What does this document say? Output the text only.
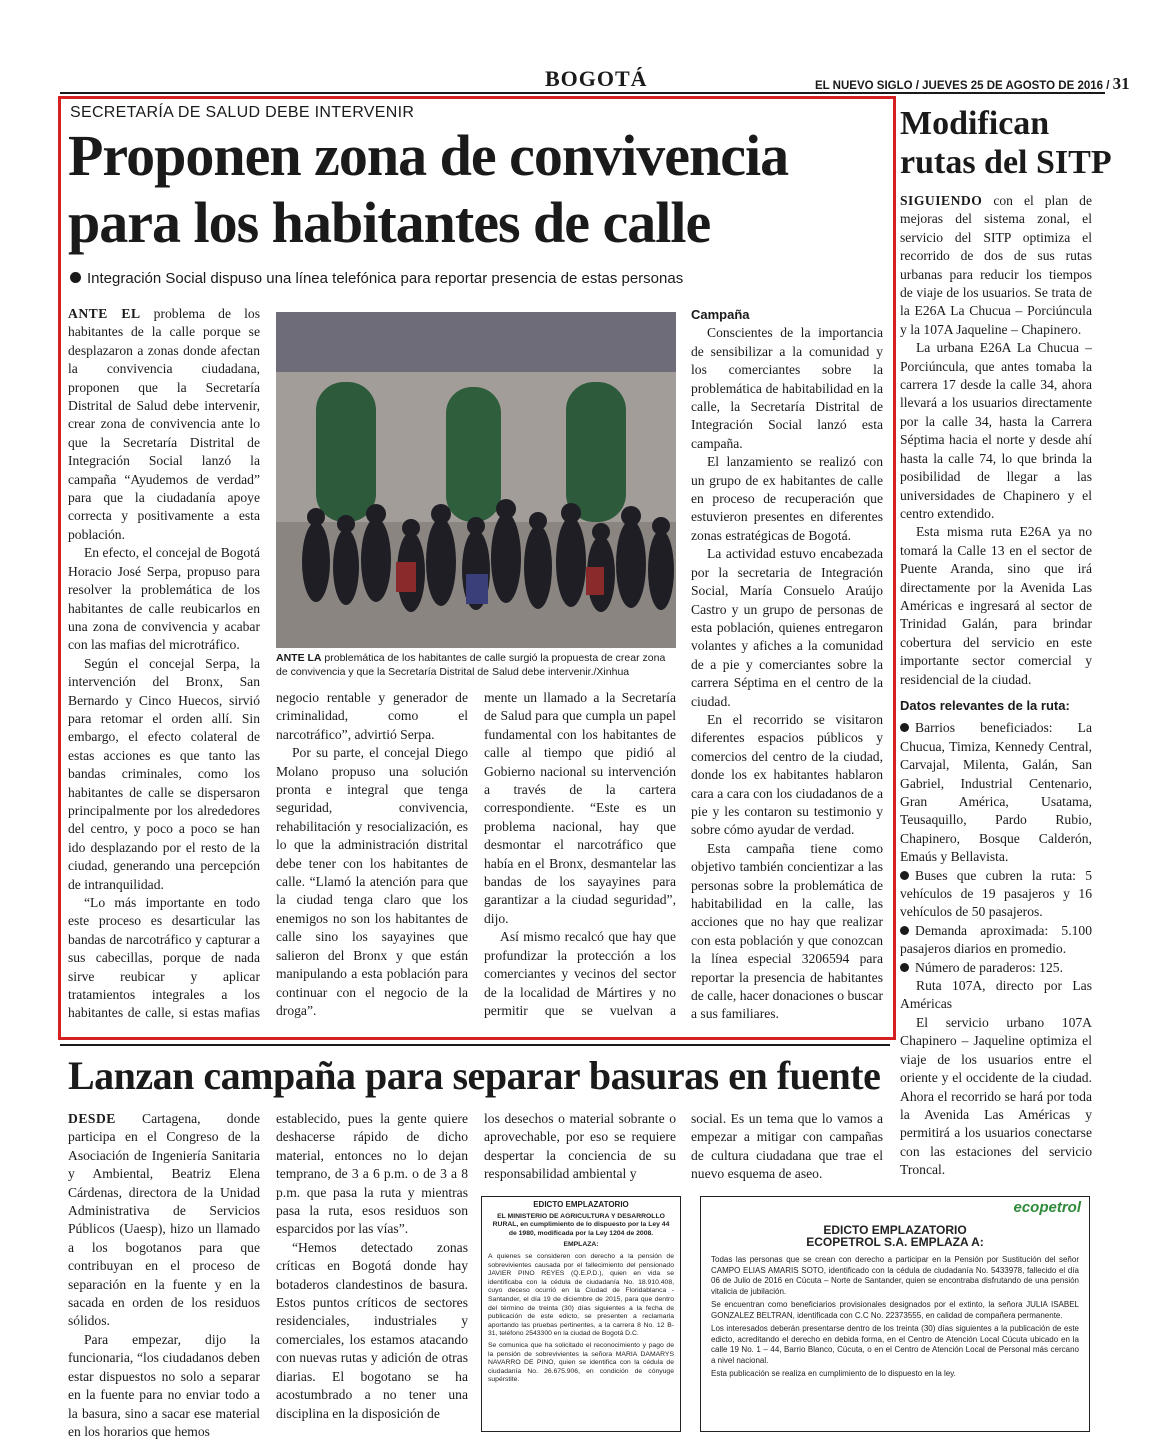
BOGOTÁ	EL NUEVO SIGLO / JUEVES 25 DE AGOSTO DE 2016 / 31
SECRETARÍA DE SALUD DEBE INTERVENIR
Proponen zona de convivencia
para los habitantes de calle
Integración Social dispuso una línea telefónica para reportar presencia de estas personas

ANTE EL problema de los habitantes de la calle porque se desplazaron a zonas donde afectan la convivencia ciudadana, proponen que la Secretaría Distrital de Salud debe intervenir, crear zona de convivencia ante lo que la Secretaría Distrital de Integración Social lanzó la campaña “Ayudemos de verdad” para que la ciudadanía apoye correcta y positivamente a esta población.

En efecto, el concejal de Bogotá Horacio José Serpa, propuso para resolver la problemática de los habitantes de calle reubicarlos en una zona de convivencia y acabar con las mafias del microtráfico.

Según el concejal Serpa, la intervención del Bronx, San Bernardo y Cinco Huecos, sirvió para retomar el orden allí. Sin embargo, el efecto colateral de estas acciones es que tanto las bandas criminales, como los habitantes de calle se dispersaron principalmente por los alrededores del centro, y poco a poco se han ido desplazando por el resto de la ciudad, generando una percepción de intranquilidad.

“Lo más importante en todo este proceso es desarticular las bandas de narcotráfico y capturar a sus cabecillas, porque de nada sirve reubicar y aplicar tratamientos integrales a los habitantes de calle, si estas mafias

ANTE LA problemática de los habitantes de calle surgió la propuesta de crear zona de convivencia y que la Secretaría Distrital de Salud debe intervenir./Xinhua

negocio rentable y generador de criminalidad, como el narcotráfico”, advirtió Serpa.

Por su parte, el concejal Diego Molano propuso una solución pronta e integral que tenga seguridad, convivencia, rehabilitación y resocialización, es lo que la administración distrital debe tener con los habitantes de calle. “Llamó la atención para que la ciudad tenga claro que los enemigos no son los habitantes de calle sino los sayayines que salieron del Bronx y que están manipulando a esta población para continuar con el negocio de la droga”.

mente un llamado a la Secretaría de Salud para que cumpla un papel fundamental con los habitantes de calle al tiempo que pidió al Gobierno nacional su intervención a través de la cartera correspondiente. “Este es un problema nacional, hay que desmontar el narcotráfico que había en el Bronx, desmantelar las bandas de los sayayines para garantizar a la ciudad seguridad”, dijo.

Así mismo recalcó que hay que profundizar la protección a los comerciantes y vecinos del sector de la localidad de Mártires y no permitir que se vuelvan a

Campaña

Conscientes de la importancia de sensibilizar a la comunidad y los comerciantes sobre la problemática de habitabilidad en la calle, la Secretaría Distrital de Integración Social lanzó esta campaña.

El lanzamiento se realizó con un grupo de ex habitantes de calle en proceso de recuperación que estuvieron presentes en diferentes zonas estratégicas de Bogotá.

La actividad estuvo encabezada por la secretaria de Integración Social, María Consuelo Araújo Castro y un grupo de personas de esta población, quienes entregaron volantes y afiches a la comunidad de a pie y comerciantes sobre la carrera Séptima en el centro de la ciudad.

En el recorrido se visitaron diferentes espacios públicos y comercios del centro de la ciudad, donde los ex habitantes hablaron cara a cara con los ciudadanos de a pie y les contaron su testimonio y sobre cómo ayudar de verdad.

Esta campaña tiene como objetivo también concientizar a las personas sobre la problemática de habitabilidad en la calle, las acciones que no hay que realizar con esta población y que conozcan la línea especial 3206594 para reportar la presencia de habitantes de calle, hacer donaciones o buscar a sus familiares.

Modifican
rutas del SITP

SIGUIENDO con el plan de mejoras del sistema zonal, el servicio del SITP optimiza el recorrido de dos de sus rutas urbanas para reducir los tiempos de viaje de los usuarios. Se trata de la E26A La Chucua – Porciúncula y la 107A Jaqueline – Chapinero.

La urbana E26A La Chucua – Porciúncula, que antes tomaba la carrera 17 desde la calle 34, ahora llevará a los usuarios directamente por la calle 34, hasta la Carrera Séptima hacia el norte y desde ahí hasta la calle 74, lo que brinda la posibilidad de llegar a las universidades de Chapinero y el centro extendido.

Esta misma ruta E26A ya no tomará la Calle 13 en el sector de Puente Aranda, sino que irá directamente por la Avenida Las Américas e ingresará al sector de Trinidad Galán, para brindar cobertura del servicio en este importante sector comercial y residencial de la ciudad.

Datos relevantes de la ruta:

Barrios beneficiados: La Chucua, Timiza, Kennedy Central, Carvajal, Milenta, Galán, San Gabriel, Industrial Centenario, Gran América, Usatama, Teusaquillo, Pardo Rubio, Chapinero, Bosque Calderón, Emaús y Bellavista.

Buses que cubren la ruta: 5 vehículos de 19 pasajeros y 16 vehículos de 50 pasajeros.

Demanda aproximada: 5.100 pasajeros diarios en promedio.

Número de paraderos: 125.

Ruta 107A, directo por Las Américas

El servicio urbano 107A Chapinero – Jaqueline optimiza el viaje de los usuarios entre el oriente y el occidente de la ciudad. Ahora el recorrido se hará por toda la Avenida Las Américas y permitirá a los usuarios conectarse con las estaciones del servicio Troncal.

Lanzan campaña para separar basuras en fuente

DESDE Cartagena, donde participa en el Congreso de la Asociación de Ingeniería Sanitaria y Ambiental, Beatriz Elena Cárdenas, directora de la Unidad Administrativa de Servicios Públicos (Uaesp), hizo un llamado a los bogotanos para que contribuyan en el proceso de separación en la fuente y en la sacada en orden de los residuos sólidos.

Para empezar, dijo la funcionaria, “los ciudadanos deben estar dispuestos no solo a separar en la fuente para no enviar todo a la basura, sino a sacar ese material en los horarios que hemos

establecido, pues la gente quiere deshacerse rápido de dicho material, entonces no lo dejan temprano, de 3 a 6 p.m. o de 3 a 8 p.m. que pasa la ruta y mientras pasa la ruta, esos residuos son esparcidos por las vías”.

“Hemos detectado zonas críticas en Bogotá donde hay botaderos clandestinos de basura. Estos puntos críticos de sectores residenciales, industriales y comerciales, los estamos atacando con nuevas rutas y adición de otras diarias. El bogotano se ha acostumbrado a no tener una disciplina en la disposición de

los desechos o material sobrante o aprovechable, por eso se requiere despertar la conciencia de su responsabilidad ambiental y

social. Es un tema que lo vamos a empezar a mitigar con campañas de cultura ciudadana que trae el nuevo esquema de aseo.

EDICTO EMPLAZATORIO

EL MINISTERIO DE AGRICULTURA Y DESARROLLO RURAL, en cumplimiento de lo dispuesto por la Ley 44 de 1980, modificada por la Ley 1204 de 2008.

EMPLAZA:

A quienes se consideren con derecho a la pensión de sobrevivientes causada por el fallecimiento del pensionado JAVIER PINO REYES (Q.E.P.D.), quien en vida se identificaba con la cédula de ciudadanía No. 18.910.408, cuyo deceso ocurrió en la Ciudad de Floridablanca - Santander, el día 19 de diciembre de 2015, para que dentro del término de treinta (30) días siguientes a la fecha de publicación de este edicto, se presenten a reclamarla aportando las pruebas pertinentes, a la carrera 8 No. 12 B-31, teléfono 2543300 en la ciudad de Bogotá D.C.

Se comunica que ha solicitado el reconocimiento y pago de la pensión de sobrevivientes la señora MARIA DAMARYS NAVARRO DE PINO, quien se identifica con la cédula de ciudadanía No. 26.675.906, en condición de cónyuge supérstite.

ecopetrol

EDICTO EMPLAZATORIO

ECOPETROL S.A. EMPLAZA A:

Todas las personas que se crean con derecho a participar en la Pensión por Sustitución del señor CAMPO ELIAS AMARIS SOTO, identificado con la cédula de ciudadanía No. 5433978, fallecido el día 06 de Julio de 2016 en Cúcuta – Norte de Santander, quien se encontraba disfrutando de una pensión vitalicia de jubilación.

Se encuentran como beneficiarios provisionales designados por el extinto, la señora JULIA ISABEL GONZALEZ BELTRAN, identificada con C.C No. 22373555, en calidad de compañera permanente.

Los interesados deberán presentarse dentro de los treinta (30) días siguientes a la publicación de este edicto, acreditando el derecho en debida forma, en el Centro de Atención Local Cúcuta ubicado en la calle 19 No. 1 – 44, Barrio Blanco, Cúcuta, o en el Centro de Atención Local de Personal más cercano a nivel nacional.

Esta publicación se realiza en cumplimiento de lo dispuesto en la ley.
